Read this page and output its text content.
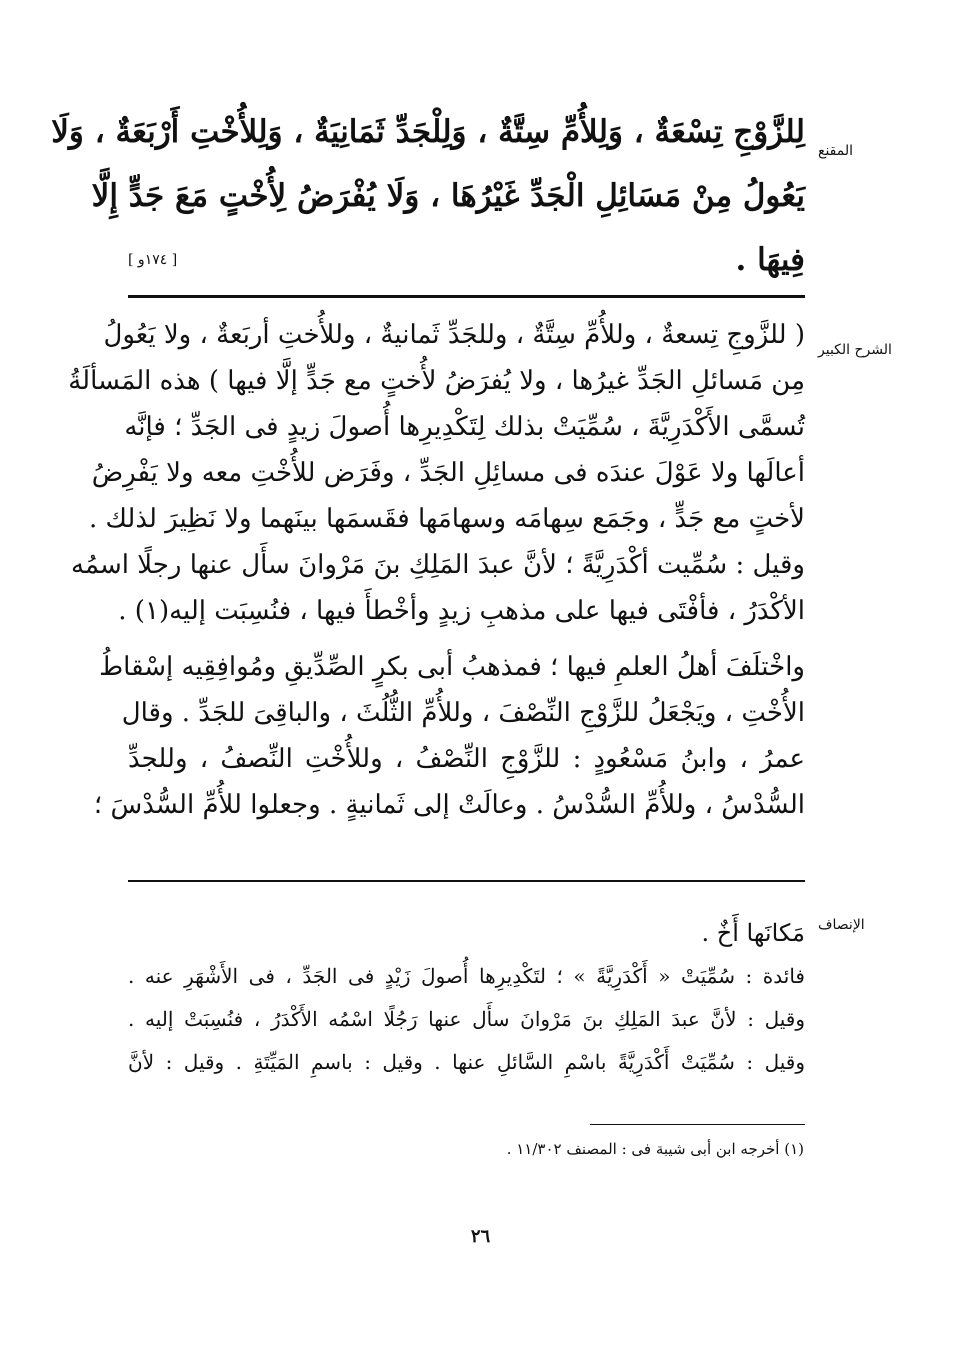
المقنع
الشرح الكبير
الإنصاف
لِلزَّوْجِ تِسْعَةٌ ، وَلِلأُمِّ سِتَّةٌ ، وَلِلْجَدِّ ثَمَانِيَةٌ ، وَلِلأُخْتِ أَرْبَعَةٌ ، وَلَا
يَعُولُ مِنْ مَسَائِلِ الْجَدِّ غَيْرُهَا ، وَلَا يُفْرَضُ لِأُخْتٍ مَعَ جَدٍّ إِلَّا
فِيهَا .
[ ١٧٤و ]
( للزَّوجِ تِسعةٌ ، وللأُمِّ سِتَّةٌ ، وللجَدِّ ثَمانيةٌ ، وللأُختِ أربَعةٌ ، ولا يَعُولُ
مِن مَسائلِ الجَدِّ غيرُها ، ولا يُفرَضُ لأُختٍ مع جَدٍّ إلَّا فيها ) هذه المَسألَةُ
تُسمَّى الأَكْدَرِيَّةَ ، سُمِّيَتْ بذلك لِتَكْدِيرِها أُصولَ زيدٍ فى الجَدِّ ؛ فإنَّه
أعالَها ولا عَوْلَ عندَه فى مسائِلِ الجَدِّ ، وفَرَض للأُخْتِ معه ولا يَفْرِضُ
لأختٍ مع جَدٍّ ، وجَمَع سِهامَه وسهامَها فقَسمَها بينَهما ولا نَظِيرَ لذلك .
وقيل : سُمِّيت أكْدَرِيَّةً ؛ لأنَّ عبدَ المَلِكِ بنَ مَرْوانَ سأَل عنها رجلًا اسمُه
الأكْدَرُ ، فأفْتَى فيها على مذهبِ زيدٍ وأخْطأَ فيها ، فنُسِبَت إليه(١) .
واخْتلَفَ أهلُ العلمِ فيها ؛ فمذهبُ أبى بكرٍ الصِّدِّيقِ ومُوافِقِيه إسْقاطُ
الأُخْتِ ، ويَجْعَلُ للزَّوْجِ النِّصْفَ ، وللأُمِّ الثُّلُثَ ، والباقِىَ للجَدِّ . وقال
عمرُ ، وابنُ مَسْعُودٍ : للزَّوْجِ النِّصْفُ ، وللأُخْتِ النِّصفُ ، وللجدِّ
السُّدْسُ ، وللأُمِّ السُّدْسُ . وعالَتْ إلى ثَمانيةٍ . وجعلوا للأُمِّ السُّدْسَ ؛
مَكانَها أَخٌ .
فائدة : سُمِّيَتْ « أَكْدَرِيَّةً » ؛ لتَكْدِيرِها أُصولَ زَيْدٍ فى الجَدِّ ، فى الأَشْهَرِ عنه .
وقيل : لأنَّ عبدَ المَلِكِ بنَ مَرْوانَ سأَل عنها رَجُلًا اسْمُه الأَكْدَرُ ، فنُسِبَتْ إليه .
وقيل : سُمِّيَتْ أَكْدَرِيَّةً باسْمِ السَّائلِ عنها . وقيل : باسمِ المَيِّتَةِ . وقيل : لأنَّ
(١) أخرجه ابن أبى شيبة فى : المصنف ١١/٣٠٢ .
٢٦
